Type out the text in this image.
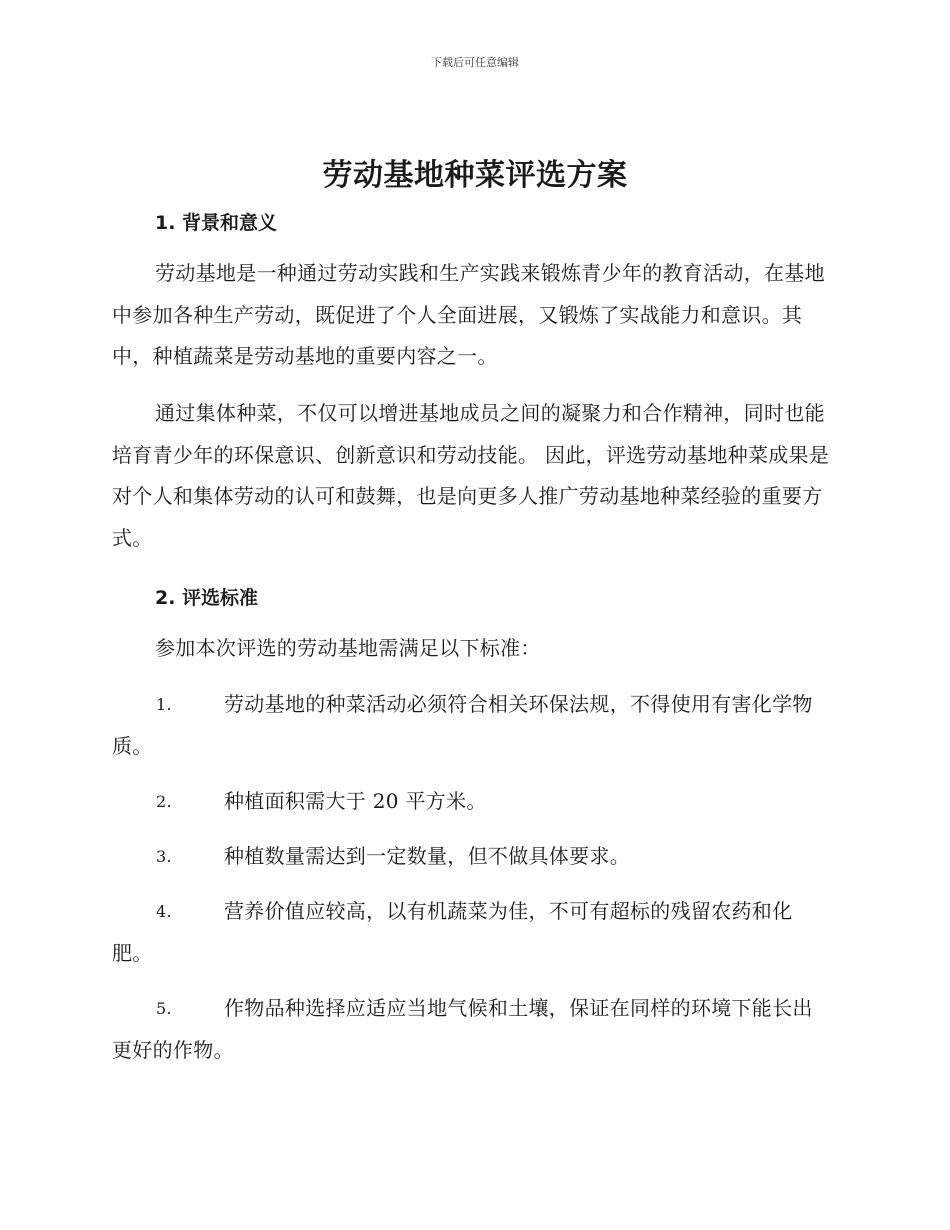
下载后可任意编辑
劳动基地种菜评选方案
1. 背景和意义
劳动基地是一种通过劳动实践和生产实践来锻炼青少年的教育活动，在基地中参加各种生产劳动，既促进了个人全面进展，又锻炼了实战能力和意识。其中，种植蔬菜是劳动基地的重要内容之一。
通过集体种菜，不仅可以增进基地成员之间的凝聚力和合作精神，同时也能培育青少年的环保意识、创新意识和劳动技能。 因此，评选劳动基地种菜成果是对个人和集体劳动的认可和鼓舞，也是向更多人推广劳动基地种菜经验的重要方式。
2. 评选标准
参加本次评选的劳动基地需满足以下标准：
1.	劳动基地的种菜活动必须符合相关环保法规，不得使用有害化学物质。
2.	种植面积需大于 20 平方米。
3.	种植数量需达到一定数量，但不做具体要求。
4.	营养价值应较高，以有机蔬菜为佳，不可有超标的残留农药和化肥。
5.	作物品种选择应适应当地气候和土壤，保证在同样的环境下能长出更好的作物。
